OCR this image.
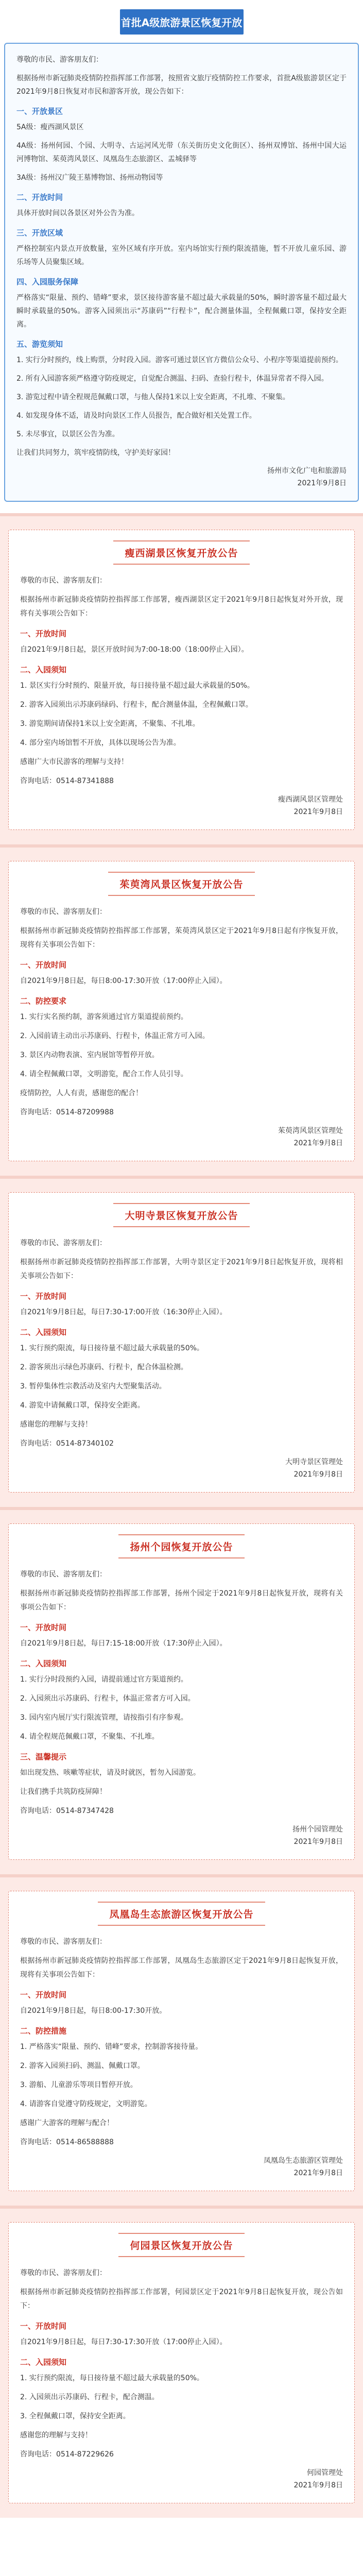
首批A级旅游景区恢复开放

尊敬的市民、游客朋友们：

根据扬州市新冠肺炎疫情防控指挥部工作部署，按照省文旅厅疫情防控工作要求，首批A级旅游景区定于2021年9月8日恢复对市民和游客开放，现公告如下：

一、开放景区

5A级：瘦西湖风景区

4A级：扬州何园、个园、大明寺、古运河风光带（东关街历史文化街区）、扬州双博馆、扬州中国大运河博物馆、茱萸湾风景区、凤凰岛生态旅游区、盂城驿等

3A级：扬州汉广陵王墓博物馆、扬州动物园等

二、开放时间

具体开放时间以各景区对外公告为准。

三、开放区域

严格控制室内景点开放数量，室外区域有序开放。室内场馆实行预约限流措施，暂不开放儿童乐园、游乐场等人员聚集区域。

四、入园服务保障

严格落实“限量、预约、错峰”要求，景区接待游客量不超过最大承载量的50%，瞬时游客量不超过最大瞬时承载量的50%。游客入园须出示“苏康码”“行程卡”，配合测量体温，全程佩戴口罩，保持安全距离。

五、游览须知

1. 实行分时预约，线上购票，分时段入园。游客可通过景区官方微信公众号、小程序等渠道提前预约。

2. 所有入园游客须严格遵守防疫规定，自觉配合测温、扫码、查验行程卡，体温异常者不得入园。

3. 游览过程中请全程规范佩戴口罩，与他人保持1米以上安全距离，不扎堆、不聚集。

4. 如发现身体不适，请及时向景区工作人员报告，配合做好相关处置工作。

5. 未尽事宜，以景区公告为准。

让我们共同努力，筑牢疫情防线，守护美好家园！

扬州市文化广电和旅游局
2021年9月8日
瘦西湖景区恢复开放公告

尊敬的市民、游客朋友们：

根据扬州市新冠肺炎疫情防控指挥部工作部署，瘦西湖景区定于2021年9月8日起恢复对外开放，现将有关事项公告如下：

一、开放时间

自2021年9月8日起，景区开放时间为7:00-18:00（18:00停止入园）。

二、入园须知

1. 景区实行分时预约、限量开放，每日接待量不超过最大承载量的50%。

2. 游客入园须出示苏康码绿码、行程卡，配合测量体温，全程佩戴口罩。

3. 游览期间请保持1米以上安全距离，不聚集、不扎堆。

4. 部分室内场馆暂不开放，具体以现场公告为准。

感谢广大市民游客的理解与支持！

咨询电话：0514-87341888

瘦西湖风景区管理处
2021年9月8日
茱萸湾风景区恢复开放公告

尊敬的市民、游客朋友们：

根据扬州市新冠肺炎疫情防控指挥部工作部署，茱萸湾风景区定于2021年9月8日起有序恢复开放，现将有关事项公告如下：

一、开放时间

自2021年9月8日起，每日8:00-17:30开放（17:00停止入园）。

二、防控要求

1. 实行实名预约制，游客须通过官方渠道提前预约。

2. 入园前请主动出示苏康码、行程卡，体温正常方可入园。

3. 景区内动物表演、室内展馆等暂停开放。

4. 请全程佩戴口罩，文明游览，配合工作人员引导。

疫情防控，人人有责，感谢您的配合！

咨询电话：0514-87209988

茱萸湾风景区管理处
2021年9月8日
大明寺景区恢复开放公告

尊敬的市民、游客朋友们：

根据扬州市新冠肺炎疫情防控指挥部工作部署，大明寺景区定于2021年9月8日起恢复开放，现将相关事项公告如下：

一、开放时间

自2021年9月8日起，每日7:30-17:00开放（16:30停止入园）。

二、入园须知

1. 实行预约限流，每日接待量不超过最大承载量的50%。

2. 游客须出示绿色苏康码、行程卡，配合体温检测。

3. 暂停集体性宗教活动及室内大型聚集活动。

4. 游览中请佩戴口罩，保持安全距离。

感谢您的理解与支持！

咨询电话：0514-87340102

大明寺景区管理处
2021年9月8日
扬州个园恢复开放公告

尊敬的市民、游客朋友们：

根据扬州市新冠肺炎疫情防控指挥部工作部署，扬州个园定于2021年9月8日起恢复开放，现将有关事项公告如下：

一、开放时间

自2021年9月8日起，每日7:15-18:00开放（17:30停止入园）。

二、入园须知

1. 实行分时段预约入园，请提前通过官方渠道预约。

2. 入园须出示苏康码、行程卡，体温正常者方可入园。

3. 园内室内展厅实行限流管理，请按指引有序参观。

4. 请全程规范佩戴口罩，不聚集、不扎堆。

三、温馨提示

如出现发热、咳嗽等症状，请及时就医，暂勿入园游览。

让我们携手共筑防疫屏障！

咨询电话：0514-87347428

扬州个园管理处
2021年9月8日
凤凰岛生态旅游区恢复开放公告

尊敬的市民、游客朋友们：

根据扬州市新冠肺炎疫情防控指挥部工作部署，凤凰岛生态旅游区定于2021年9月8日起恢复开放，现将有关事项公告如下：

一、开放时间

自2021年9月8日起，每日8:00-17:30开放。

二、防控措施

1. 严格落实“限量、预约、错峰”要求，控制游客接待量。

2. 游客入园须扫码、测温、佩戴口罩。

3. 游船、儿童游乐等项目暂停开放。

4. 请游客自觉遵守防疫规定，文明游览。

感谢广大游客的理解与配合！

咨询电话：0514-86588888

凤凰岛生态旅游区管理处
2021年9月8日
何园景区恢复开放公告

尊敬的市民、游客朋友们：

根据扬州市新冠肺炎疫情防控指挥部工作部署，何园景区定于2021年9月8日起恢复开放，现公告如下：

一、开放时间

自2021年9月8日起，每日7:30-17:30开放（17:00停止入园）。

二、入园须知

1. 实行预约限流，每日接待量不超过最大承载量的50%。

2. 入园须出示苏康码、行程卡，配合测温。

3. 全程佩戴口罩，保持安全距离。

感谢您的理解与支持！

咨询电话：0514-87229626

何园管理处
2021年9月8日
